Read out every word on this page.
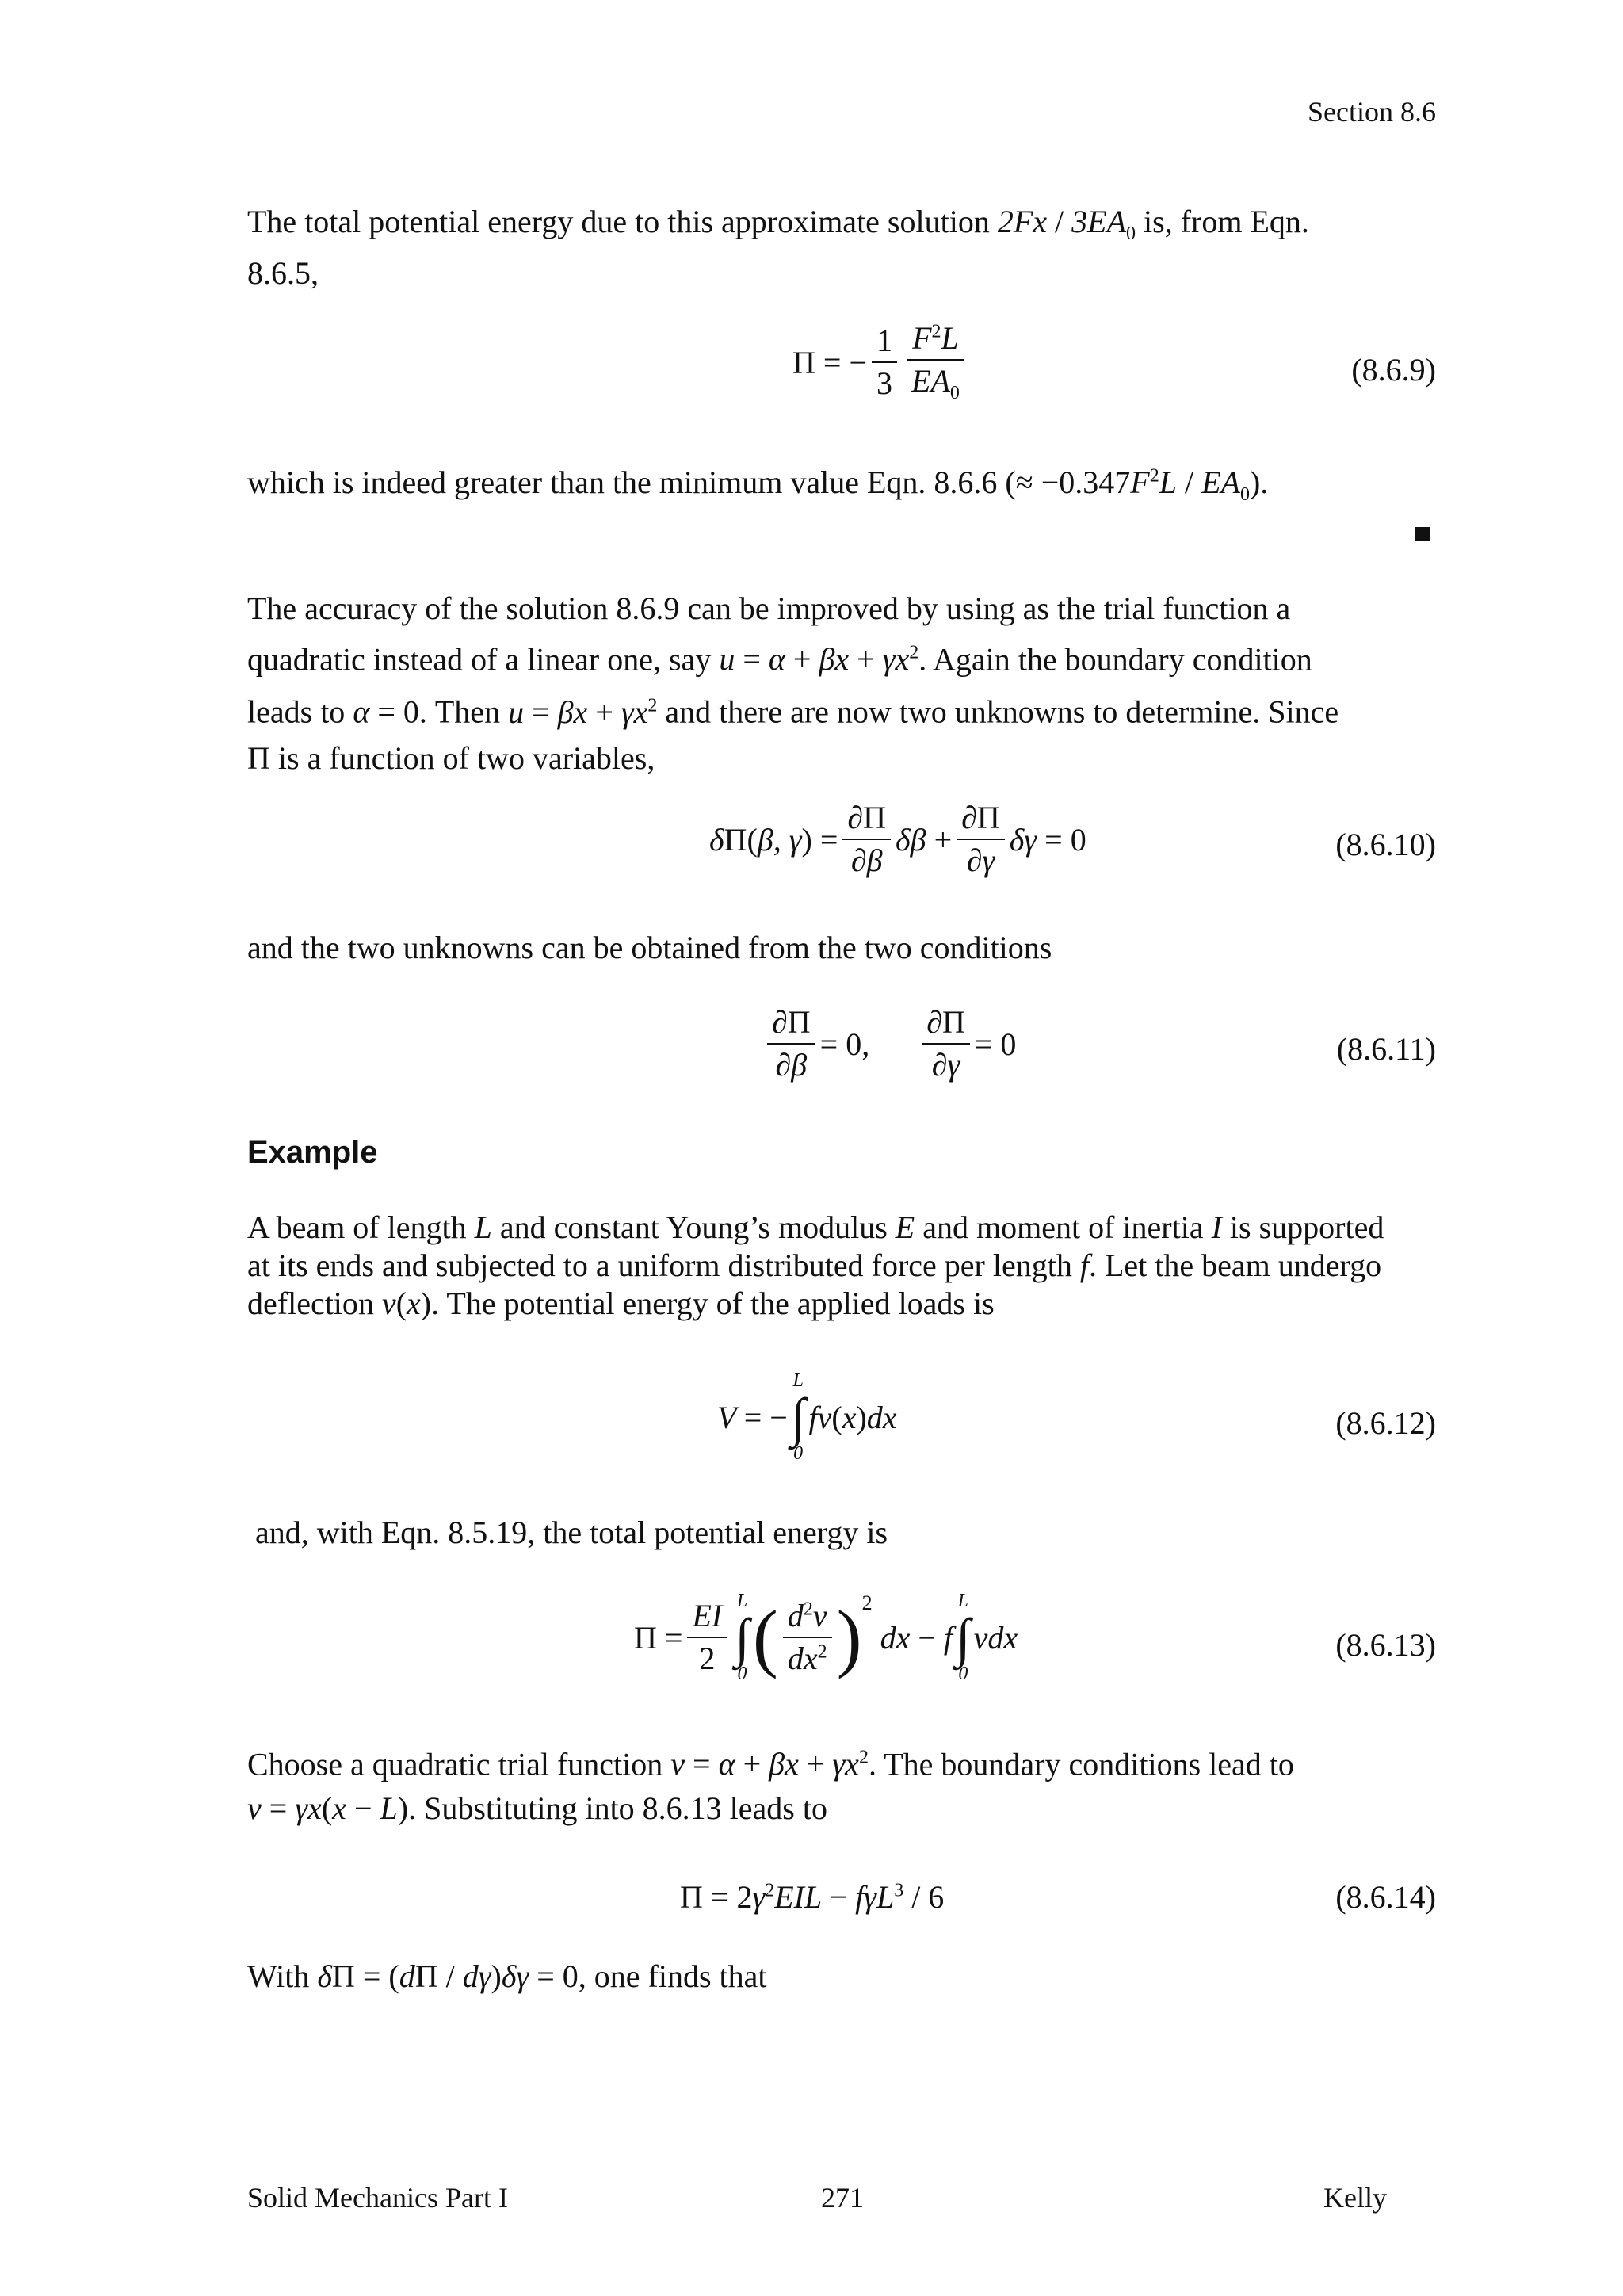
Section 8.6
The total potential energy due to this approximate solution $2Fx / 3EA_0$ is, from Eqn.
8.6.5,
Π = − $\frac{1}{3} \frac{F^2L}{EA_0}$	(8.6.9)
which is indeed greater than the minimum value Eqn. 8.6.6 (≈ $-0.347F^2L / EA_0$).
The accuracy of the solution 8.6.9 can be improved by using as the trial function a
quadratic instead of a linear one, say $u = \alpha + \beta x + \gamma x^2$. Again the boundary condition
leads to α = 0. Then $u = \beta x + \gamma x^2$ and there are now two unknowns to determine. Since
Π is a function of two variables,
δΠ(β, $\gamma) = \frac{\partial\Pi}{\partial\beta}$ $\delta\beta + \frac{\partial\Pi}{\partial\gamma}$ δγ = 0	(8.6.10)
and the two unknowns can be obtained from the two conditions
$\frac{\partial\Pi}{\partial\beta} = 0$, $\frac{\partial\Pi}{\partial\gamma} = 0$	(8.6.11)
Example
A beam of length L and constant Young’s modulus E and moment of inertia I is supported
at its ends and subjected to a uniform distributed force per length f. Let the beam undergo
deflection v(x). The potential energy of the applied loads is
V = −
L
∫
0
fv(x)dx	(8.6.12)
and, with Eqn. 8.5.19, the total potential energy is
$\Pi = \frac{EI}{2}$ L
∫
0 ( $\frac{d^2v}{dx^2} )^2$
dx − f
L
∫
0
vdx	(8.6.13)
Choose a quadratic trial function $v = \alpha + \beta x + \gamma x^2$. The boundary conditions lead to
v = γx(x − L). Substituting into 8.6.13 leads to
$\Pi = 2\gamma^2EIL - f\gamma L^3 / 6$	(8.6.14)
With δΠ = (dΠ / dγ)δγ = 0, one finds that
Solid Mechanics Part I	271	Kelly
